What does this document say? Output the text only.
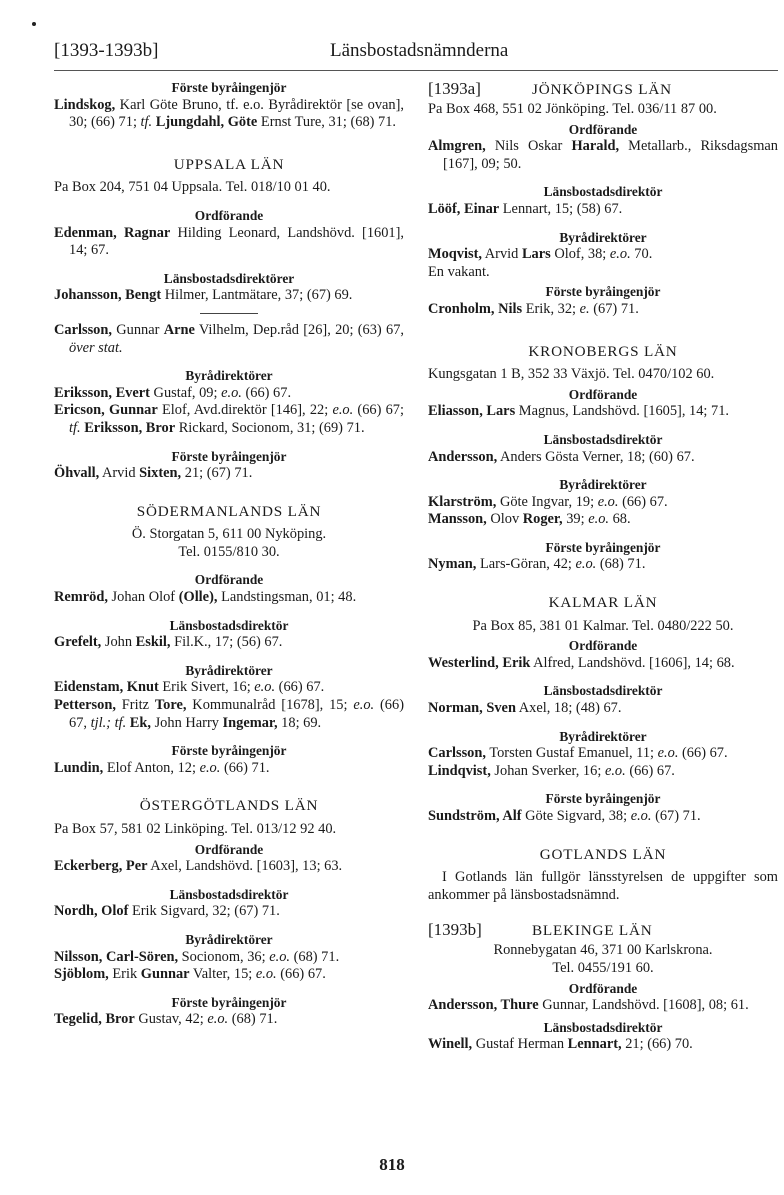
[1393-1393b]	Länsbostadsnämnderna

Förste byråingenjör

Lindskog, Karl Göte Bruno, tf. e.o. Byrådirektör [se ovan], 30; (66) 71; tf. Ljungdahl, Göte Ernst Ture, 31; (68) 71.

UPPSALA LÄN

Pa Box 204, 751 04 Uppsala. Tel. 018/10 01 40.

Ordförande

Edenman, Ragnar Hilding Leonard, Landshövd. [1601], 14; 67.

Länsbostadsdirektörer

Johansson, Bengt Hilmer, Lantmätare, 37; (67) 69.

Carlsson, Gunnar Arne Vilhelm, Dep.råd [26], 20; (63) 67, över stat.

Byrådirektörer

Eriksson, Evert Gustaf, 09; e.o. (66) 67.

Ericson, Gunnar Elof, Avd.direktör [146], 22; e.o. (66) 67; tf. Eriksson, Bror Rickard, Socionom, 31; (69) 71.

Förste byråingenjör

Öhvall, Arvid Sixten, 21; (67) 71.

SÖDERMANLANDS LÄN

Ö. Storgatan 5, 611 00 Nyköping.

Tel. 0155/810 30.

Ordförande

Remröd, Johan Olof (Olle), Landstingsman, 01; 48.

Länsbostadsdirektör

Grefelt, John Eskil, Fil.K., 17; (56) 67.

Byrådirektörer

Eidenstam, Knut Erik Sivert, 16; e.o. (66) 67.

Petterson, Fritz Tore, Kommunalråd [1678], 15; e.o. (66) 67, tjl.; tf. Ek, John Harry Ingemar, 18; 69.

Förste byråingenjör

Lundin, Elof Anton, 12; e.o. (66) 71.

ÖSTERGÖTLANDS LÄN

Pa Box 57, 581 02 Linköping. Tel. 013/12 92 40.

Ordförande

Eckerberg, Per Axel, Landshövd. [1603], 13; 63.

Länsbostadsdirektör

Nordh, Olof Erik Sigvard, 32; (67) 71.

Byrådirektörer

Nilsson, Carl-Sören, Socionom, 36; e.o. (68) 71.

Sjöblom, Erik Gunnar Valter, 15; e.o. (66) 67.

Förste byråingenjör

Tegelid, Bror Gustav, 42; e.o. (68) 71.

[1393a]	JÖNKÖPINGS LÄN

Pa Box 468, 551 02 Jönköping. Tel. 036/11 87 00.

Ordförande

Almgren, Nils Oskar Harald, Metallarb., Riksdagsman [167], 09; 50.

Länsbostadsdirektör

Lööf, Einar Lennart, 15; (58) 67.

Byrådirektörer

Moqvist, Arvid Lars Olof, 38; e.o. 70.

En vakant.

Förste byråingenjör

Cronholm, Nils Erik, 32; e. (67) 71.

KRONOBERGS LÄN

Kungsgatan 1 B, 352 33 Växjö. Tel. 0470/102 60.

Ordförande

Eliasson, Lars Magnus, Landshövd. [1605], 14; 71.

Länsbostadsdirektör

Andersson, Anders Gösta Verner, 18; (60) 67.

Byrådirektörer

Klarström, Göte Ingvar, 19; e.o. (66) 67.

Mansson, Olov Roger, 39; e.o. 68.

Förste byråingenjör

Nyman, Lars-Göran, 42; e.o. (68) 71.

KALMAR LÄN

Pa Box 85, 381 01 Kalmar. Tel. 0480/222 50.

Ordförande

Westerlind, Erik Alfred, Landshövd. [1606], 14; 68.

Länsbostadsdirektör

Norman, Sven Axel, 18; (48) 67.

Byrådirektörer

Carlsson, Torsten Gustaf Emanuel, 11; e.o. (66) 67.

Lindqvist, Johan Sverker, 16; e.o. (66) 67.

Förste byråingenjör

Sundström, Alf Göte Sigvard, 38; e.o. (67) 71.

GOTLANDS LÄN

I Gotlands län fullgör länsstyrelsen de uppgifter som ankommer på länsbostadsnämnd.

[1393b]	BLEKINGE LÄN

Ronnebygatan 46, 371 00 Karlskrona.

Tel. 0455/191 60.

Ordförande

Andersson, Thure Gunnar, Landshövd. [1608], 08; 61.

Länsbostadsdirektör

Winell, Gustaf Herman Lennart, 21; (66) 70.

818
